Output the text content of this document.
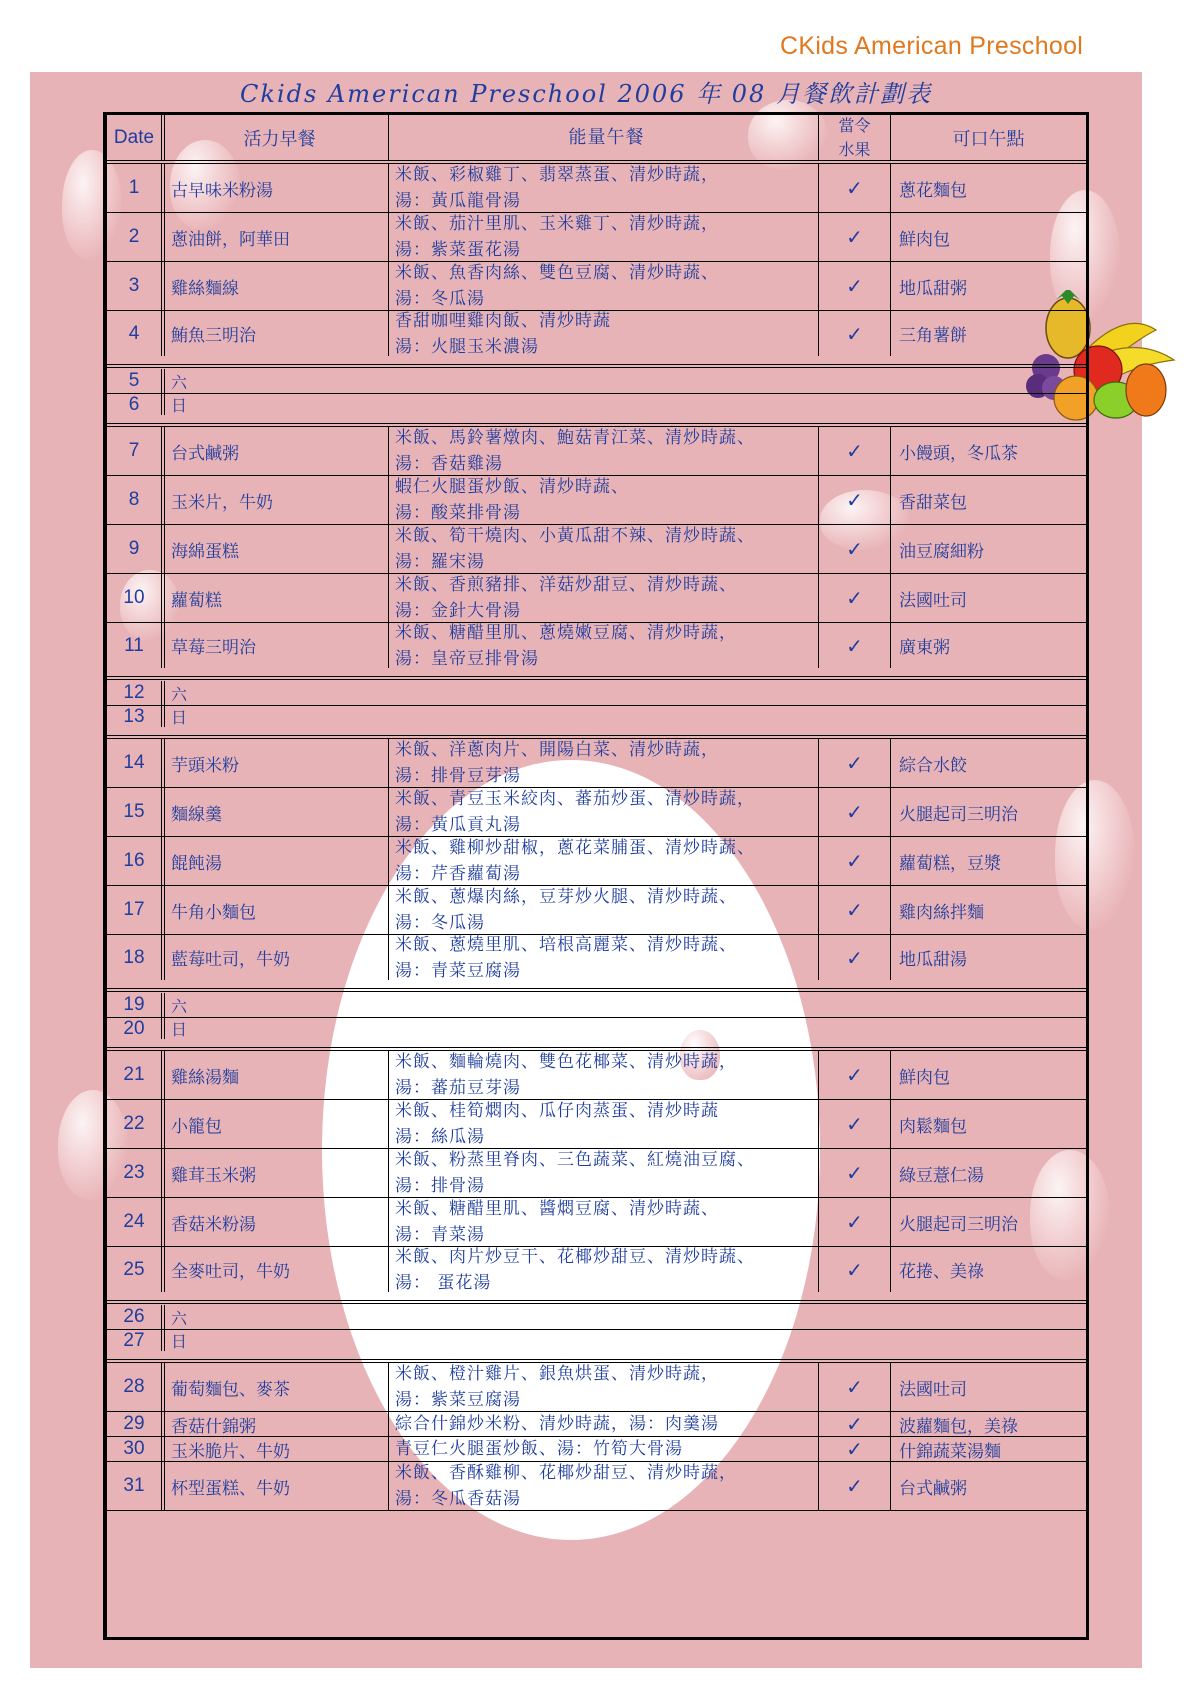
CKids American Preschool
Ckids American Preschool 2006 年 08 月餐飲計劃表
Date	活力早餐	能量午餐
當令
水果	可口午點
1	古早味米粉湯
米飯、彩椒雞丁、翡翠蒸蛋、清炒時蔬，
湯：黃瓜龍骨湯
✓	蔥花麵包
2	蔥油餅，阿華田
米飯、茄汁里肌、玉米雞丁、清炒時蔬，
湯：紫菜蛋花湯
✓	鮮肉包
3	雞絲麵線
米飯、魚香肉絲、雙色豆腐、清炒時蔬、
湯：冬瓜湯
✓	地瓜甜粥
4	鮪魚三明治
香甜咖哩雞肉飯、清炒時蔬
湯：火腿玉米濃湯
✓	三角薯餅
5	六
6	日
7	台式鹹粥
米飯、馬鈴薯燉肉、鮑菇青江菜、清炒時蔬、
湯：香菇雞湯
✓	小饅頭，冬瓜茶
8	玉米片，牛奶
蝦仁火腿蛋炒飯、清炒時蔬、
湯：酸菜排骨湯
✓	香甜菜包
9	海綿蛋糕
米飯、筍干燒肉、小黃瓜甜不辣、清炒時蔬、
湯：羅宋湯
✓	油豆腐細粉
10	蘿蔔糕
米飯、香煎豬排、洋菇炒甜豆、清炒時蔬、
湯：金針大骨湯
✓	法國吐司
11	草莓三明治
米飯、糖醋里肌、蔥燒嫩豆腐、清炒時蔬，
湯：皇帝豆排骨湯
✓	廣東粥
12	六
13	日
14	芋頭米粉
米飯、洋蔥肉片、開陽白菜、清炒時蔬，
湯：排骨豆芽湯
✓	綜合水餃
15	麵線羹
米飯、青豆玉米絞肉、蕃茄炒蛋、清炒時蔬，
湯：黃瓜貢丸湯
✓	火腿起司三明治
16	餛飩湯
米飯、雞柳炒甜椒，蔥花菜脯蛋、清炒時蔬、
湯：芹香蘿蔔湯
✓	蘿蔔糕，豆漿
17	牛角小麵包
米飯、蔥爆肉絲，豆芽炒火腿、清炒時蔬、
湯：冬瓜湯
✓	雞肉絲拌麵
18	藍莓吐司，牛奶
米飯、蔥燒里肌、培根高麗菜、清炒時蔬、
湯：青菜豆腐湯
✓	地瓜甜湯
19	六
20	日
21	雞絲湯麵
米飯、麵輪燒肉、雙色花椰菜、清炒時蔬，
湯：蕃茄豆芽湯
✓	鮮肉包
22	小籠包
米飯、桂筍燜肉、瓜仔肉蒸蛋、清炒時蔬
湯：絲瓜湯
✓	肉鬆麵包
23	雞茸玉米粥
米飯、粉蒸里脊肉、三色蔬菜、紅燒油豆腐、
湯：排骨湯
✓	綠豆薏仁湯
24	香菇米粉湯
米飯、糖醋里肌、醬燜豆腐、清炒時蔬、
湯：青菜湯
✓	火腿起司三明治
25	全麥吐司，牛奶
米飯、肉片炒豆干、花椰炒甜豆、清炒時蔬、
湯： 蛋花湯
✓	花捲、美祿
26	六
27	日
28	葡萄麵包、麥茶
米飯、橙汁雞片、銀魚烘蛋、清炒時蔬，
湯：紫菜豆腐湯
✓	法國吐司
29	香菇什錦粥	綜合什錦炒米粉、清炒時蔬，湯：肉羹湯	✓	波蘿麵包，美祿
30	玉米脆片、牛奶	青豆仁火腿蛋炒飯、湯：竹筍大骨湯	✓	什錦蔬菜湯麵
31	杯型蛋糕、牛奶
米飯、香酥雞柳、花椰炒甜豆、清炒時蔬，
湯：冬瓜香菇湯
✓	台式鹹粥
